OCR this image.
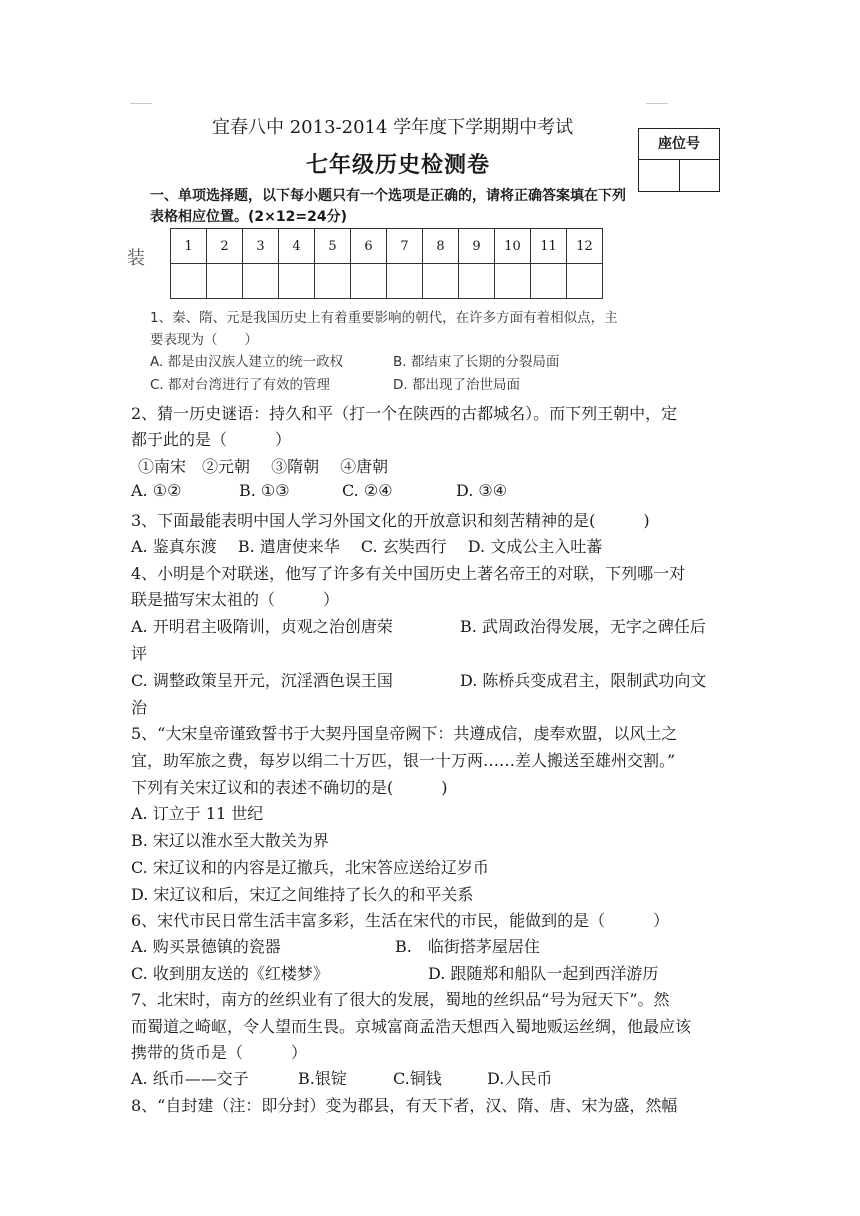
宜春八中 2013-2014 学年度下学期期中考试
七年级历史检测卷
座位号
一、单项选择题，以下每小题只有一个选项是正确的，请将正确答案填在下列
表格相应位置。(2×12=24分)
装
1	2	3	4	5	6	7	8	9	10	11	12

1、秦、隋、元是我国历史上有着重要影响的朝代，在许多方面有着相似点，主
要表现为（　　）
A. 都是由汉族人建立的统一政权	B. 都结束了长期的分裂局面
C. 都对台湾进行了有效的管理	D. 都出现了治世局面
2、猜一历史谜语：持久和平（打一个在陕西的古都城名）。而下列王朝中，定
都于此的是（　　　）
①南宋　②元朝　 ③隋朝　 ④唐朝
A. ①②	B. ①③	C. ②④	D. ③④
3、下面最能表明中国人学习外国文化的开放意识和刻苦精神的是(　　　)
A. 鉴真东渡　 B. 遣唐使来华　 C. 玄奘西行　 D. 文成公主入吐蕃
4、小明是个对联迷，他写了许多有关中国历史上著名帝王的对联，下列哪一对
联是描写宋太祖的（　　　）
A. 开明君主吸隋训，贞观之治创唐荣	B. 武周政治得发展，无字之碑任后
评
C. 调整政策呈开元，沉淫酒色误王国	D. 陈桥兵变成君主，限制武功向文
治
5、“大宋皇帝谨致誓书于大契丹国皇帝阙下：共遵成信，虔奉欢盟，以风土之
宜，助军旅之费，每岁以绢二十万匹，银一十万两……差人搬送至雄州交割。”
下列有关宋辽议和的表述不确切的是(　　　)
A. 订立于 11 世纪
B. 宋辽以淮水至大散关为界
C. 宋辽议和的内容是辽撤兵，北宋答应送给辽岁币
D. 宋辽议和后，宋辽之间维持了长久的和平关系
6、宋代市民日常生活丰富多彩，生活在宋代的市民，能做到的是（　　　）
A. 购买景德镇的瓷器	B.　临街搭茅屋居住
C. 收到朋友送的《红楼梦》	D. 跟随郑和船队一起到西洋游历
7、北宋时，南方的丝织业有了很大的发展，蜀地的丝织品“号为冠天下”。然
而蜀道之崎岖，令人望而生畏。京城富商孟浩天想西入蜀地贩运丝绸，他最应该
携带的货币是（　　　）
A. 纸币——交子	B.银锭	C.铜钱	D.人民币
8、“自封建（注：即分封）变为郡县，有天下者，汉、隋、唐、宋为盛，然幅
